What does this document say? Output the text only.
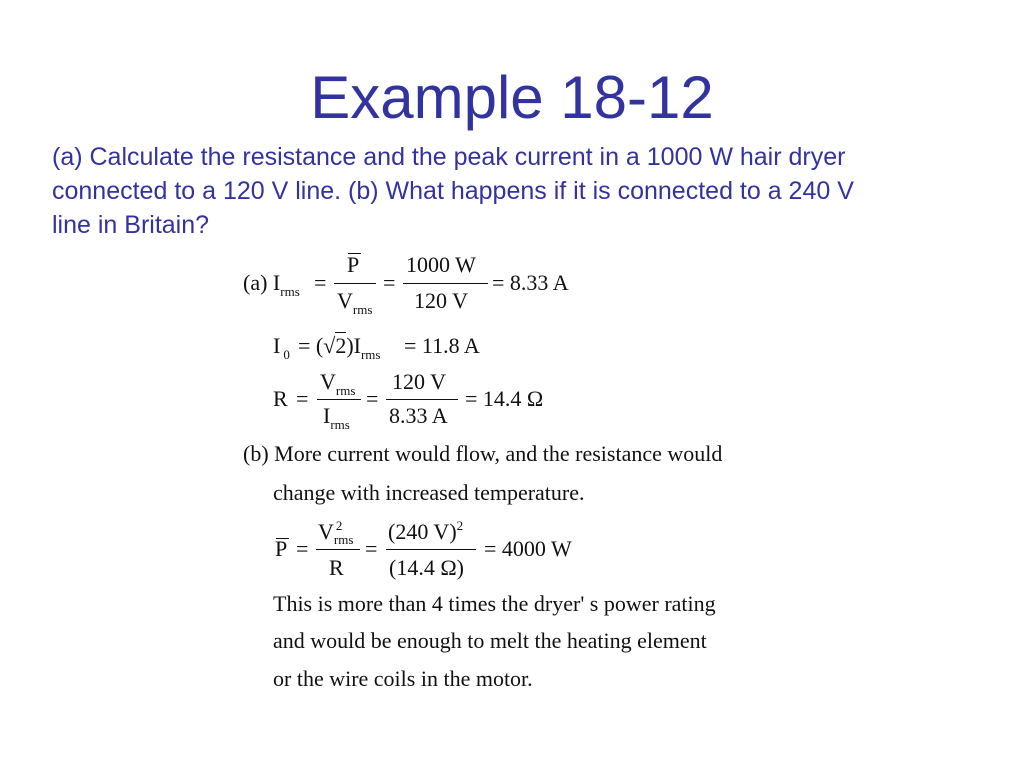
Example 18-12
(a) Calculate the resistance and the peak current in a 1000 W hair dryer
connected to a 120 V line. (b) What happens if it is connected to a 240 V
line in Britain?
(a) $I_{rms}$ =
P
$V_{rms}$
=
1000 W
120 V
= 8.33 A
I $_0 = (√2)I_{rms} = 11.8$ A
R =
$V_{rms}$
$I_{rms}$
=
120 V
8.33 A
= 14.4 Ω
(b) More current would flow, and the resistance would
change with increased temperature.
P =
V 2
rms
R
=
(240 V)$^2$
(14.4 Ω)
= 4000 W
This is more than 4 times the dryer' s power rating
and would be enough to melt the heating element
or the wire coils in the motor.
